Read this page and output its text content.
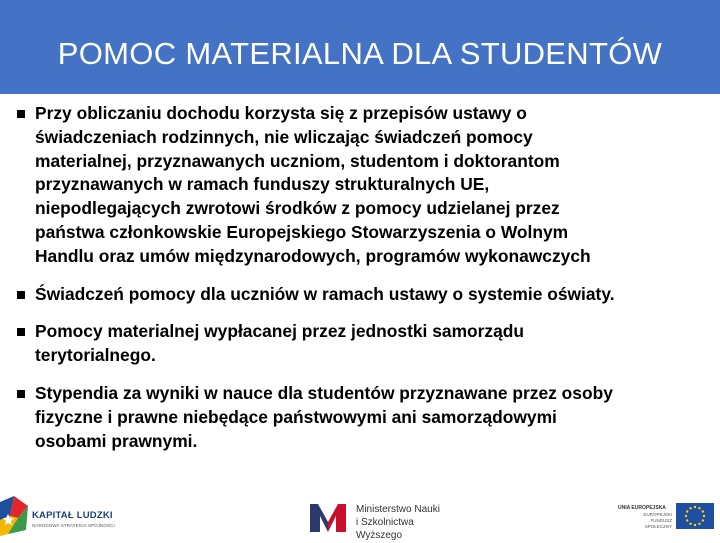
POMOC MATERIALNA DLA STUDENTÓW
Przy obliczaniu dochodu korzysta się z przepisów ustawy o
świadczeniach rodzinnych, nie wliczając świadczeń pomocy
materialnej, przyznawanych uczniom, studentom i doktorantom
przyznawanych w ramach funduszy strukturalnych UE,
niepodlegających zwrotowi środków z pomocy udzielanej przez
państwa członkowskie Europejskiego Stowarzyszenia o Wolnym
Handlu oraz umów międzynarodowych, programów wykonawczych
Świadczeń pomocy dla uczniów w ramach ustawy o systemie oświaty.
Pomocy materialnej wypłacanej przez jednostki samorządu
terytorialnego.
Stypendia za wyniki w nauce dla studentów przyznawane przez osoby
fizyczne i prawne niebędące państwowymi ani samorządowymi
osobami prawnymi.
KAPITAŁ LUDZKI
NARODOWA STRATEGIA SPÓJNOŚCI
Ministerstwo Nauki
i Szkolnictwa Wyższego
UNIA EUROPEJSKA
EUROPEJSKI
FUNDUSZ SPOŁECZNY
